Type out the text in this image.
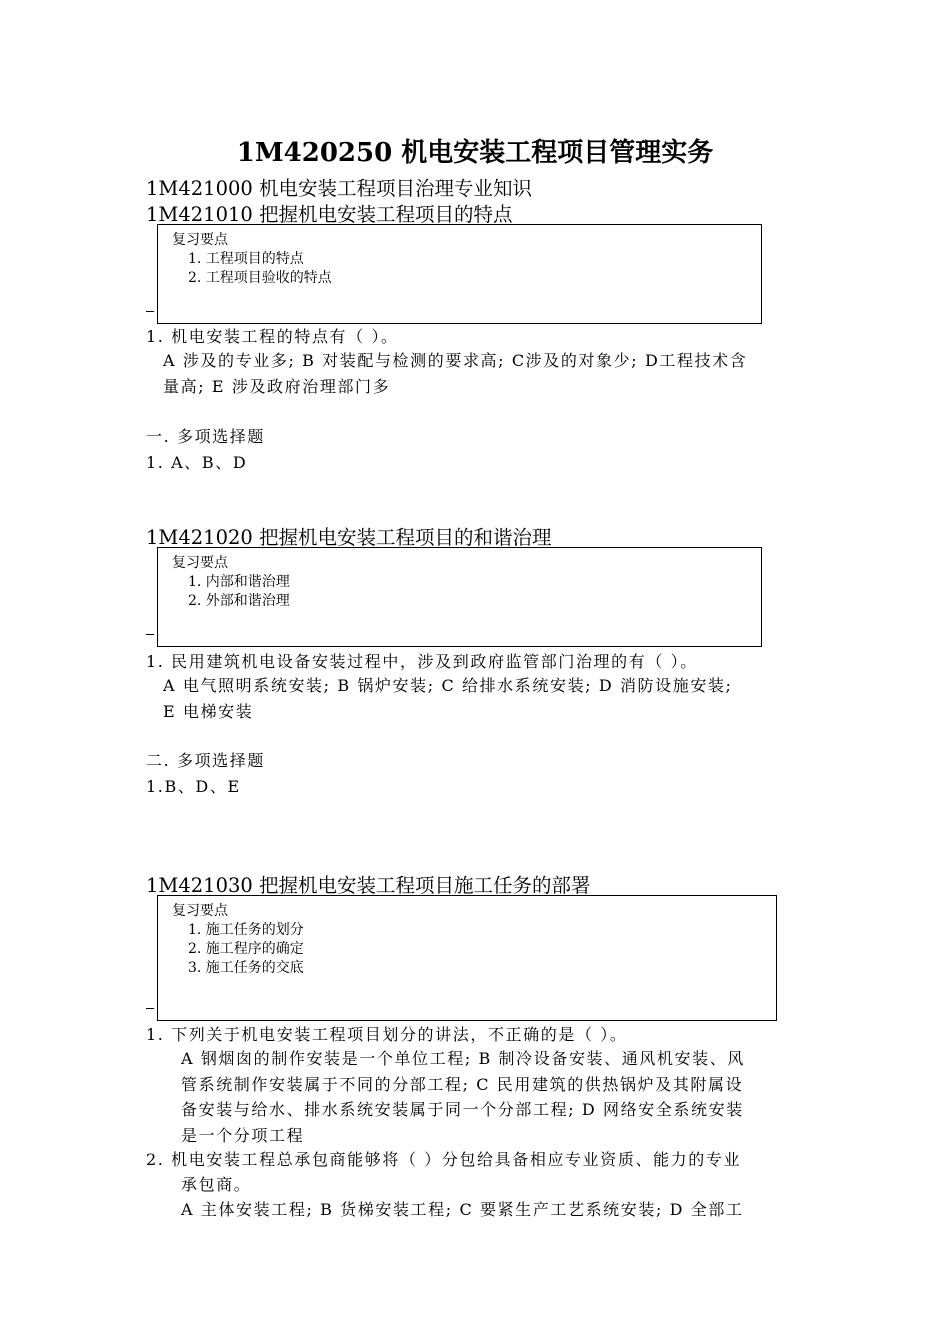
1M420250 机电安装工程项目管理实务
1M421000 机电安装工程项目治理专业知识
1M421010 把握机电安装工程项目的特点
复习要点
1. 工程项目的特点
2. 工程项目验收的特点
1. 机电安装工程的特点有（ ）。
A 涉及的专业多; B 对装配与检测的要求高; C涉及的对象少; D工程技术含
量高; E 涉及政府治理部门多
一. 多项选择题
1. A、B、D
1M421020 把握机电安装工程项目的和谐治理
复习要点
1. 内部和谐治理
2. 外部和谐治理
1. 民用建筑机电设备安装过程中，涉及到政府监管部门治理的有（ ）。
A 电气照明系统安装; B 锅炉安装; C 给排水系统安装; D 消防设施安装;
E 电梯安装
二. 多项选择题
1.B、D、E
1M421030 把握机电安装工程项目施工任务的部署
复习要点
1. 施工任务的划分
2. 施工程序的确定
3. 施工任务的交底
1. 下列关于机电安装工程项目划分的讲法，不正确的是（ ）。
A 钢烟囱的制作安装是一个单位工程; B 制冷设备安装、通风机安装、风
管系统制作安装属于不同的分部工程; C 民用建筑的供热锅炉及其附属设
备安装与给水、排水系统安装属于同一个分部工程; D 网络安全系统安装
是一个分项工程
2. 机电安装工程总承包商能够将（ ）分包给具备相应专业资质、能力的专业
承包商。
A 主体安装工程; B 货梯安装工程; C 要紧生产工艺系统安装; D 全部工
